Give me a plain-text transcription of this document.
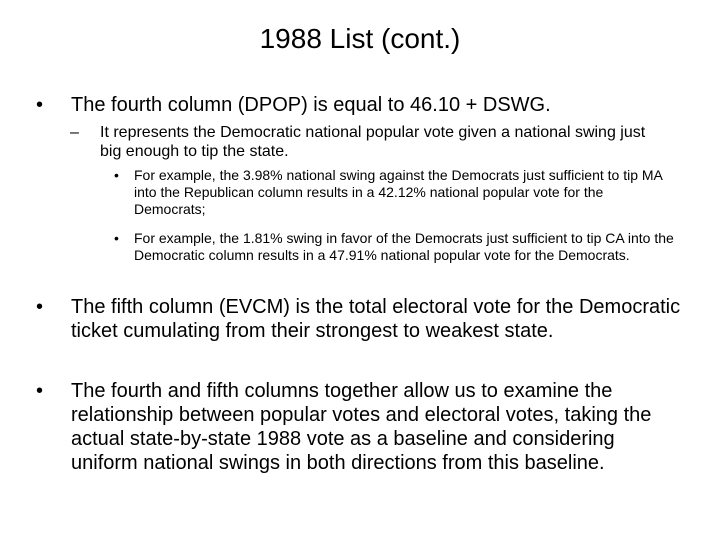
1988 List (cont.)
•	The fourth column (DPOP) is equal to 46.10 + DSWG.
–	It represents the Democratic national popular vote given a national swing just big enough to tip the state.
•	For example, the 3.98% national swing against the Democrats just sufficient to tip MA into the Republican column results in a 42.12% national popular vote for the Democrats;
•	For example, the 1.81% swing in favor of the Democrats just sufficient to tip CA into the Democratic column results in a 47.91% national popular vote for the Democrats.
•	The fifth column (EVCM) is the total electoral vote for the Democratic ticket cumulating from their strongest to weakest state.
•	The fourth and fifth columns together allow us to examine the relationship between popular votes and electoral votes, taking the actual state-by-state 1988 vote as a baseline and considering uniform national swings in both directions from this baseline.
